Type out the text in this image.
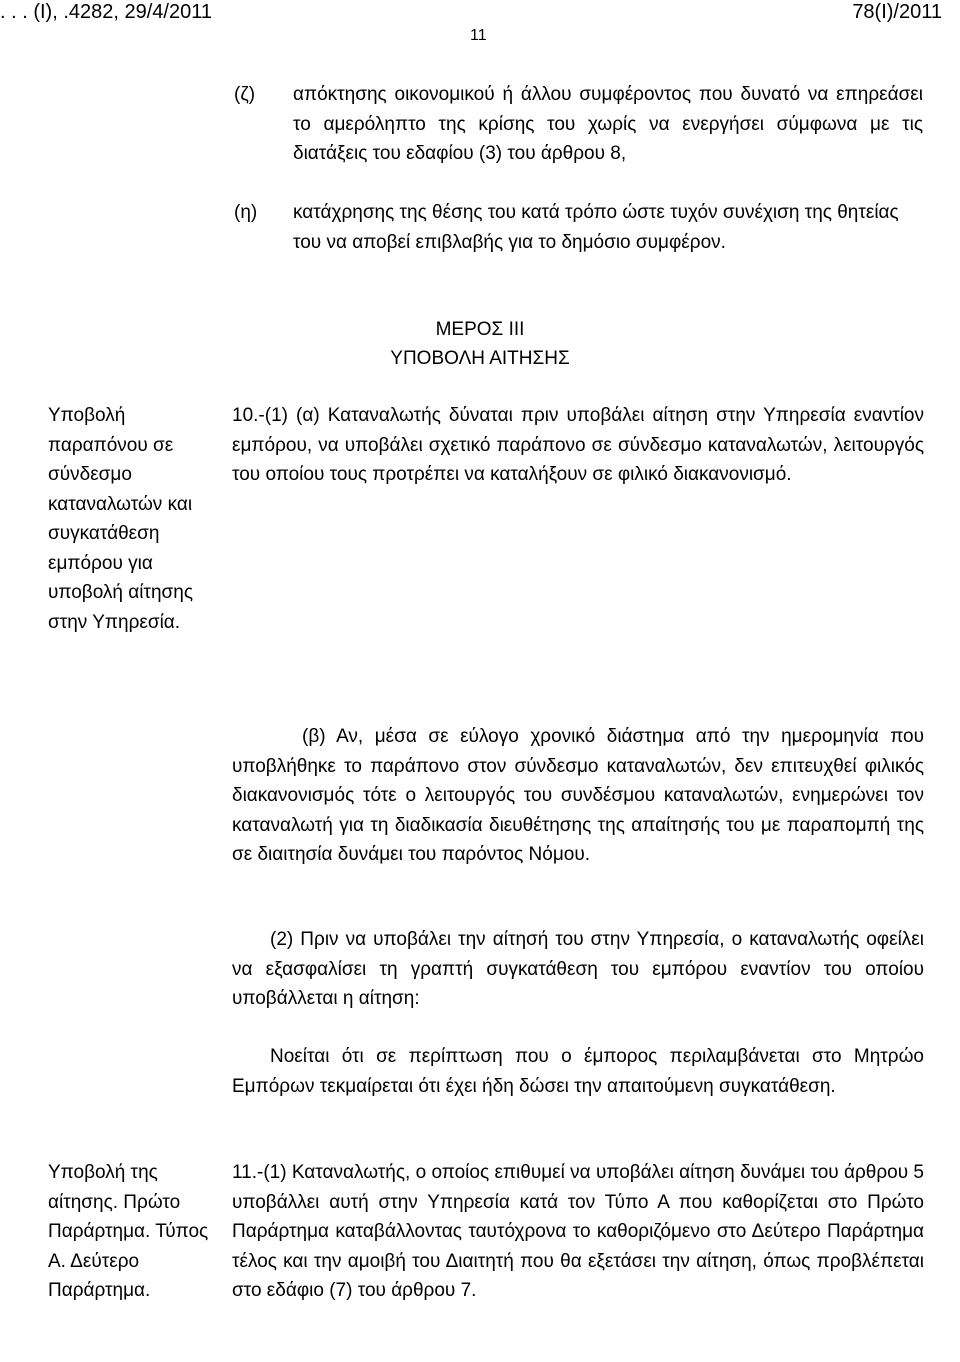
. . . (Ι), .4282, 29/4/2011	78(Ι)/2011
11
(ζ) απόκτησης οικονομικού ή άλλου συμφέροντος που δυνατό να επηρεάσει το αμερόληπτο της κρίσης του χωρίς να ενεργήσει σύμφωνα με τις διατάξεις του εδαφίου (3) του άρθρου 8,

(η) κατάχρησης της θέσης του κατά τρόπο ώστε τυχόν συνέχιση της θητείας του να αποβεί επιβλαβής για το δημόσιο συμφέρον.

ΜΕΡΟΣ III
ΥΠΟΒΟΛΗ ΑΙΤΗΣΗΣ

Υποβολή παραπόνου σε σύνδεσμο καταναλωτών και συγκατάθεση εμπόρου για υποβολή αίτησης στην Υπηρεσία.

10.-(1) (α) Καταναλωτής δύναται πριν υποβάλει αίτηση στην Υπηρεσία εναντίον εμπόρου, να υποβάλει σχετικό παράπονο σε σύνδεσμο καταναλωτών, λειτουργός του οποίου τους προτρέπει να καταλήξουν σε φιλικό διακανονισμό.

(β) Αν, μέσα σε εύλογο χρονικό διάστημα από την ημερομηνία που υποβλήθηκε το παράπονο στον σύνδεσμο καταναλωτών, δεν επιτευχθεί φιλικός διακανονισμός τότε ο λειτουργός του συνδέσμου καταναλωτών, ενημερώνει τον καταναλωτή για τη διαδικασία διευθέτησης της απαίτησής του με παραπομπή της σε διαιτησία δυνάμει του παρόντος Νόμου.

(2) Πριν να υποβάλει την αίτησή του στην Υπηρεσία, ο καταναλωτής οφείλει να εξασφαλίσει τη γραπτή συγκατάθεση του εμπόρου εναντίον του οποίου υποβάλλεται η αίτηση:

Νοείται ότι σε περίπτωση που ο έμπορος περιλαμβάνεται στο Μητρώο Εμπόρων τεκμαίρεται ότι έχει ήδη δώσει την απαιτούμενη συγκατάθεση.

Υποβολή της αίτησης. Πρώτο Παράρτημα. Τύπος Α. Δεύτερο Παράρτημα.

11.-(1) Καταναλωτής, ο οποίος επιθυμεί να υποβάλει αίτηση δυνάμει του άρθρου 5 υποβάλλει αυτή στην Υπηρεσία κατά τον Τύπο Α που καθορίζεται στο Πρώτο Παράρτημα καταβάλλοντας ταυτόχρονα το καθοριζόμενο στο Δεύτερο Παράρτημα τέλος και την αμοιβή του Διαιτητή που θα εξετάσει την αίτηση, όπως προβλέπεται στο εδάφιο (7) του άρθρου 7.
